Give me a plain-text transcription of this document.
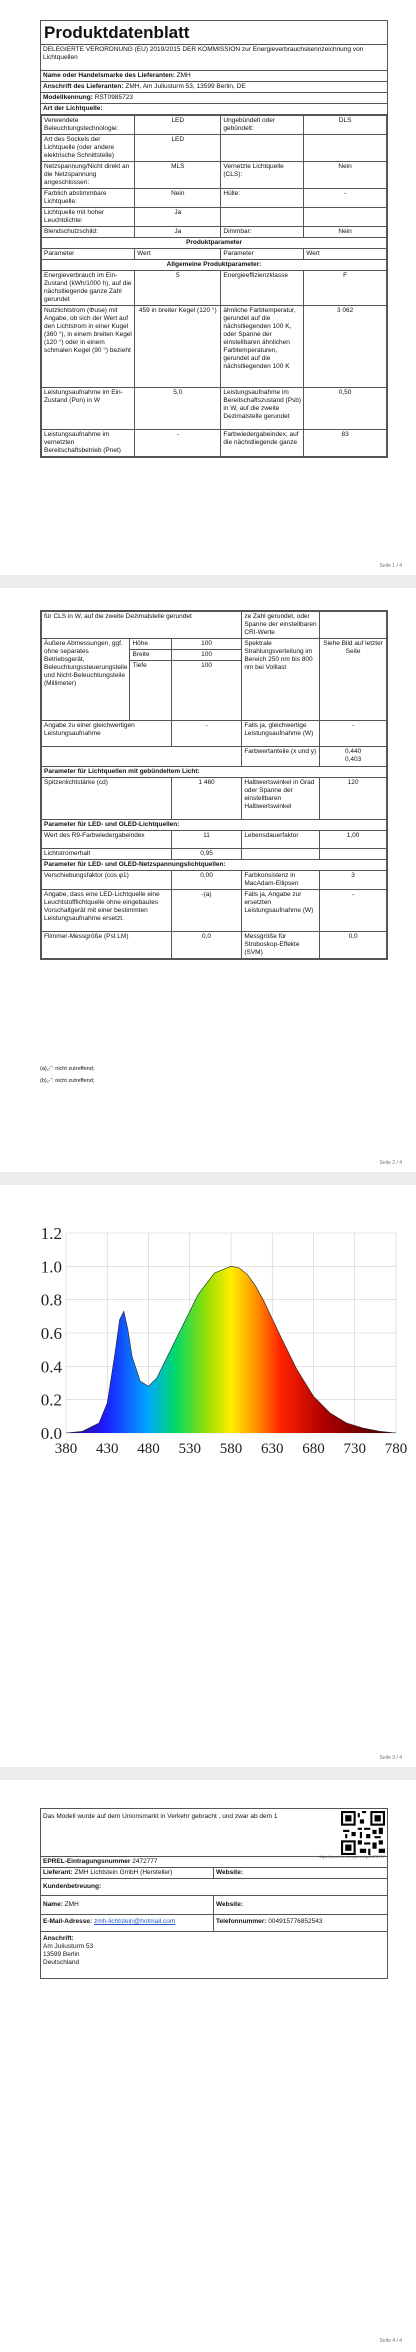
Produktdatenblatt
DELEGIERTE VERORDNUNG (EU) 2019/2015 DER KOMMISSION zur Energieverbrauchskennzeichnung von Lichtquellen
Name oder Handelsmarke des Lieferanten: ZMH
Anschrift des Lieferanten: ZMH, Am Juliusturm 53, 13599 Berlin, DE
Modellkennung: RST0985723
Art der Lichtquelle:
Verwendete Beleuchtungstechnologie:	LED	Ungebündelt oder gebündelt:	DLS
Art des Sockels der Lichtquelle (oder andere elektrische Schnittstelle)	LED		
Netzspannung/Nicht direkt an die Netzspannung angeschlossen:	MLS	Vernetzte Lichtquelle (CLS):	Nein
Farblich abstimmbare Lichtquelle:	Nein	Hülle:	-
Lichtquelle mit hoher Leuchtdichte:	Ja		
Blendschutzschild:	Ja	Dimmbar:	Nein
Produktparameter			
Parameter	Wert	Parameter	Wert
Allgemeine Produktparameter:			
Energieverbrauch im Ein-Zustand (kWh/1000 h), auf die nächstliegende ganze Zahl gerundet	5	Energieeffizienzklasse	F
Nutzlichtstrom (Φuse) mit Angabe, ob sich der Wert auf den Lichtstrom in einer Kugel (360 °), in einem breiten Kegel (120 °) oder in einem schmalen Kegel (90 °) bezieht	459 in breiter Kegel (120 °)	ähnliche Farbtemperatur, gerundet auf die nächstliegenden 100 K, oder Spanne der einstellbaren ähnlichen Farbtemperaturen, gerundet auf die nächstliegenden 100 K	3 062
Leistungsaufnahme im Ein-Zustand (Pon) in W	5,0	Leistungsaufnahme im Bereitschaftszustand (Psb) in W, auf die zweite Dezimalstelle gerundet	0,50
Leistungsaufnahme im vernetzten Bereitschaftsbetrieb (Pnet)	-	Farbwiedergabeindex, auf die nächstliegende ganze	83
Seite 1 / 4
für CLS in W, auf die zweite Dezimalstelle gerundet			ze Zahl gerundet, oder Spanne der einstellbaren CRI-Werte	
Äußere Abmessungen, ggf. ohne separates Betriebsgerät, Beleuchtungssteuerungsteile und Nicht-Beleuchtungsteile (Millimeter)	Höhe	100	Spektrale Strahlungsverteilung im Bereich 250 nm bis 800 nm bei Volllast	Siehe Bild auf letzter Seite
	Breite	100		
	Tiefe	100		
Angabe zu einer gleichwertigen Leistungsaufnahme		-	Falls ja, gleichwertige Leistungsaufnahme (W)	-
			Farbwertanteile (x und y)	0,440
0,403

Parameter für Lichtquellen mit gebündeltem Licht:				
Spitzenlichtstärke (cd)		1 460	Halbwertswinkel in Grad oder Spanne der einstellbaren Halbwertswinkel	120
Parameter für LED- und OLED-Lichtquellen:				
Wert des R9-Farbwiedergabeindex		11	Lebensdauerfaktor	1,00
Lichtstromerhalt		0,95		
Parameter für LED- und OLED-Netzspannungslichtquellen:				
Verschiebungsfaktor (cos φ1)		0,00	Farbkonsistenz in MacAdam-Ellipsen	3
Angabe, dass eine LED-Lichtquelle eine Leuchtstofflichtquelle ohne eingebautes Vorschaltgerät mit einer bestimmten Leistungsaufnahme ersetzt.		-(a)	Falls ja, Angabe zur ersetzten Leistungsaufnahme (W)	-
Flimmer-Messgröße (Pst LM)		0,0	Messgröße für Stroboskop-Effekte (SVM)	0,0
(a)„-“: nicht zutreffend;
(b)„-“: nicht zutreffend;
Seite 2 / 4
0.0
0.2
0.4
0.6
0.8
1.0
1.2
380 430 480 530 580 630 680 730 780
Seite 3 / 4
Das Modell wurde auf dem Unionsmarkt in Verkehr gebracht , und zwar ab dem 1
https://eprel.ec.europa.eu/qr/2472777
EPREL-Eintragungsnummer 2472777
Lieferant: ZMH Lichtstein GmbH (Hersteller)	Website:
Kundenbetreuung:
Name: ZMH	Website:
E-Mail-Adresse: zmh-lichtstein@hotmail.com	Telefonnummer: 004915776852543
Anschrift:
Am Juliusturm 53
13599 Berlin
Deutschland
Seite 4 / 4
